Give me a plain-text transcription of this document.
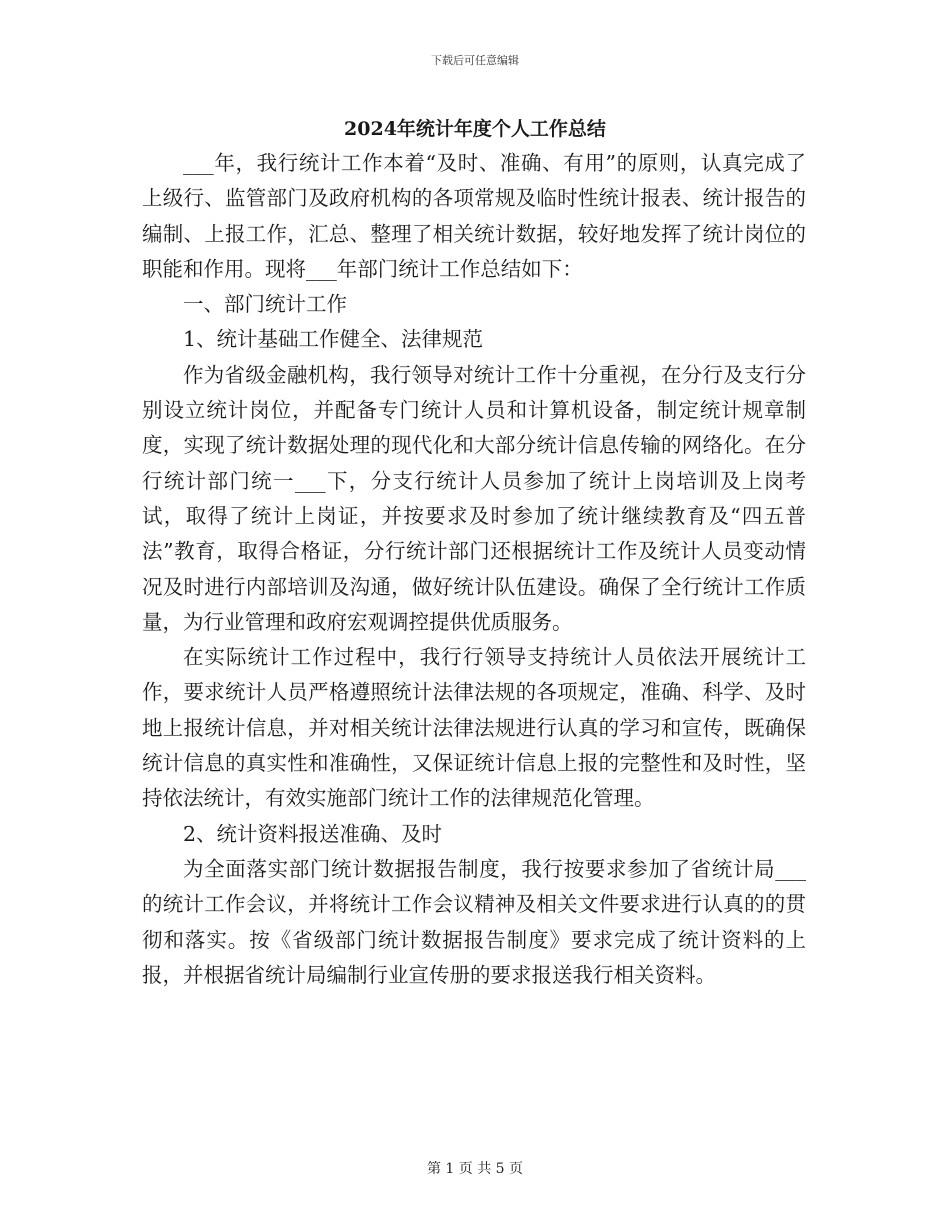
下载后可任意编辑
2024年统计年度个人工作总结

___年，我行统计工作本着“及时、准确、有用”的原则，认真完成了上级行、监管部门及政府机构的各项常规及临时性统计报表、统计报告的编制、上报工作，汇总、整理了相关统计数据，较好地发挥了统计岗位的职能和作用。现将___年部门统计工作总结如下：

一、部门统计工作

1、统计基础工作健全、法律规范

作为省级金融机构，我行领导对统计工作十分重视，在分行及支行分别设立统计岗位，并配备专门统计人员和计算机设备，制定统计规章制度，实现了统计数据处理的现代化和大部分统计信息传输的网络化。在分行统计部门统一___下，分支行统计人员参加了统计上岗培训及上岗考试，取得了统计上岗证，并按要求及时参加了统计继续教育及“四五普法”教育，取得合格证，分行统计部门还根据统计工作及统计人员变动情况及时进行内部培训及沟通，做好统计队伍建设。确保了全行统计工作质量，为行业管理和政府宏观调控提供优质服务。

在实际统计工作过程中，我行行领导支持统计人员依法开展统计工作，要求统计人员严格遵照统计法律法规的各项规定，准确、科学、及时地上报统计信息，并对相关统计法律法规进行认真的学习和宣传，既确保统计信息的真实性和准确性，又保证统计信息上报的完整性和及时性，坚持依法统计，有效实施部门统计工作的法律规范化管理。

2、统计资料报送准确、及时

为全面落实部门统计数据报告制度，我行按要求参加了省统计局___的统计工作会议，并将统计工作会议精神及相关文件要求进行认真的的贯彻和落实。按《省级部门统计数据报告制度》要求完成了统计资料的上报，并根据省统计局编制行业宣传册的要求报送我行相关资料。

第 1 页 共 5 页
